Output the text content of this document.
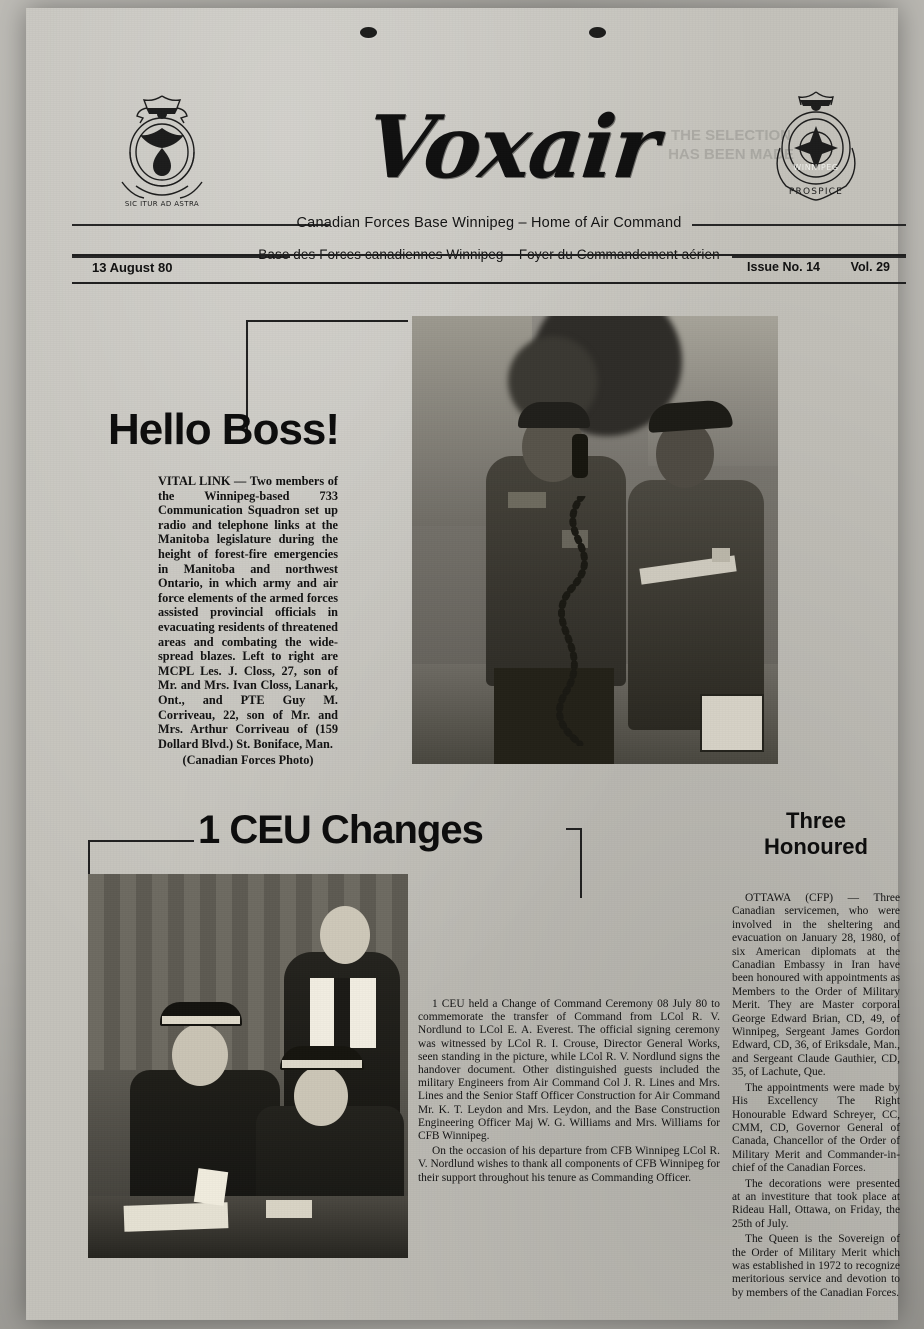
THE SELECTION HAS BEEN MADE
SIC ITUR AD ASTRA
Voxair	WINNIPEG
PROSPICE
Canadian Forces Base Winnipeg – Home of Air Command
Base des Forces canadiennes Winnipeg – Foyer du Commandement aérien
13 August 80	Issue No. 14 Vol. 29
Hello Boss!
VITAL LINK — Two members of the Winnipeg-based 733 Communication Squadron set up radio and telephone links at the Manitoba legislature during the height of forest-fire emergencies in Manitoba and northwest Ontario, in which army and air force elements of the armed forces assisted provincial officials in evacuating residents of threatened areas and combating the wide-spread blazes. Left to right are MCPL Les. J. Closs, 27, son of Mr. and Mrs. Ivan Closs, Lanark, Ont., and PTE Guy M. Corriveau, 22, son of Mr. and Mrs. Arthur Corriveau of (159 Dollard Blvd.) St. Boniface, Man.
(Canadian Forces Photo)
1 CEU Changes

1 CEU held a Change of Command Ceremony 08 July 80 to commemorate the transfer of Command from LCol R. V. Nordlund to LCol E. A. Everest. The official signing ceremony was witnessed by LCol R. I. Crouse, Director General Works, seen standing in the picture, while LCol R. V. Nordlund signs the handover document. Other distinguished guests included the military Engineers from Air Command Col J. R. Lines and Mrs. Lines and the Senior Staff Officer Construction for Air Command Mr. K. T. Leydon and Mrs. Leydon, and the Base Construction Engineering Officer Maj W. G. Williams and Mrs. Williams for CFB Winnipeg.

On the occasion of his departure from CFB Winnipeg LCol R. V. Nordlund wishes to thank all components of CFB Winnipeg for their support throughout his tenure as Commanding Officer.

Three
Honoured

OTTAWA (CFP) — Three Canadian servicemen, who were involved in the sheltering and evacuation on January 28, 1980, of six American diplomats at the Canadian Embassy in Iran have been honoured with appointments as Members to the Order of Military Merit. They are Master corporal George Edward Brian, CD, 49, of Winnipeg, Sergeant James Gordon Edward, CD, 36, of Eriksdale, Man., and Sergeant Claude Gauthier, CD, 35, of Lachute, Que.

The appointments were made by His Excellency The Right Honourable Edward Schreyer, CC, CMM, CD, Governor General of Canada, Chancellor of the Order of Military Merit and Commander-in-chief of the Canadian Forces.

The decorations were presented at an investiture that took place at Rideau Hall, Ottawa, on Friday, the 25th of July.

The Queen is the Sovereign of the Order of Military Merit which was established in 1972 to recognize meritorious service and devotion to by members of the Canadian Forces.
